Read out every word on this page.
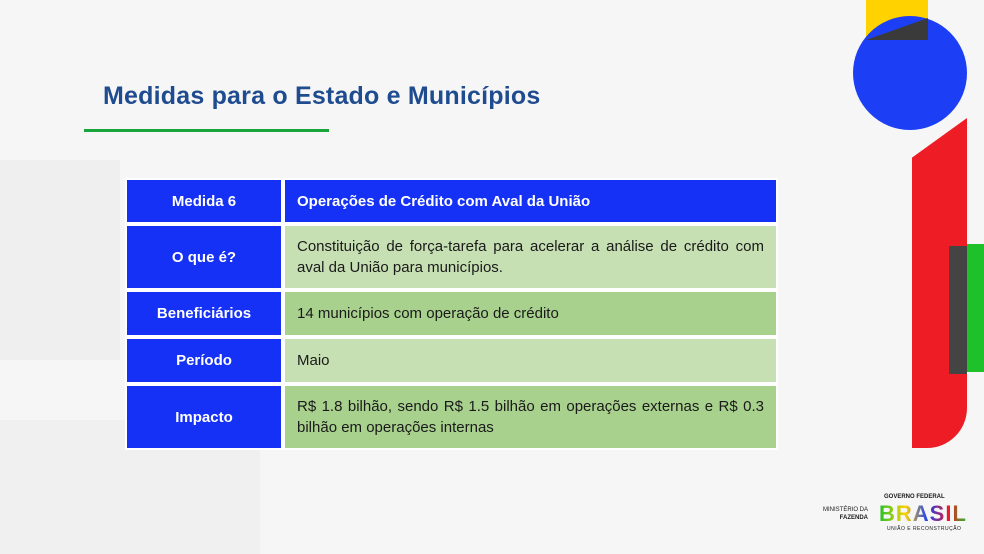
Medidas para o Estado e Municípios
Medida 6	Operações de Crédito com Aval da União
O que é?	Constituição de força-tarefa para acelerar a análise de crédito com aval da União para municípios.
Beneficiários	14 municípios com operação de crédito
Período	Maio
Impacto	R$ 1.8 bilhão, sendo R$ 1.5 bilhão em operações externas e R$ 0.3 bilhão em operações internas
MINISTÉRIO DA
FAZENDA
GOVERNO FEDERAL
BRASIL
UNIÃO E RECONSTRUÇÃO
